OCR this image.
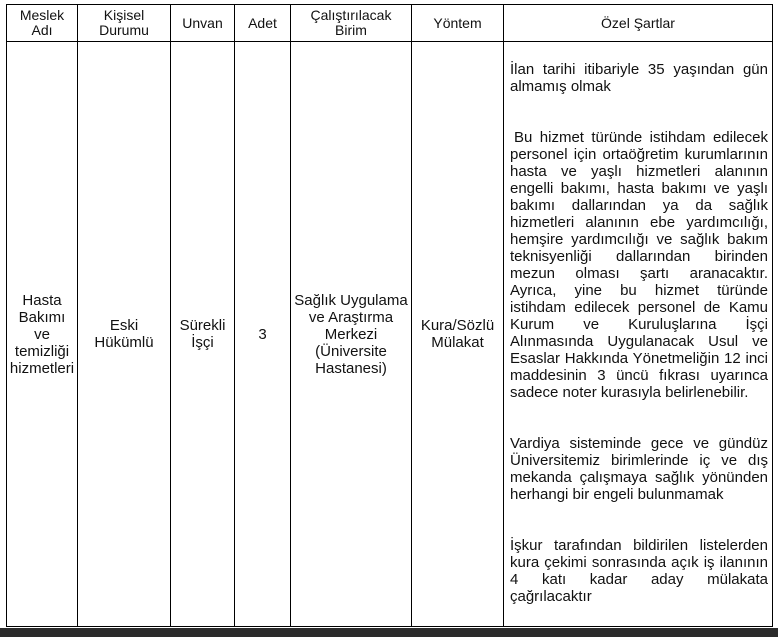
Meslek Adı	Kişisel Durumu	Unvan	Adet	Çalıştırılacak Birim	Yöntem	Özel Şartlar

Hasta Bakımı ve temizliği hizmetleri	Eski Hükümlü	Sürekli İşçi	3	Sağlık Uygulama ve Araştırma Merkezi (Üniversite Hastanesi)	Kura/Sözlü Mülakat	İlan tarihi itibariyle 35 yaşından gün almamış olmak

Bu hizmet türünde istihdam edilecek personel için ortaöğretim kurumlarının hasta ve yaşlı hizmetleri alanının engelli bakımı, hasta bakımı ve yaşlı bakımı dallarından ya da sağlık hizmetleri alanının ebe yardımcılığı, hemşire yardımcılığı ve sağlık bakım teknisyenliği dallarından birinden mezun olması şartı aranacaktır. Ayrıca, yine bu hizmet türünde istihdam edilecek personel de Kamu Kurum ve Kuruluşlarına İşçi Alınmasında Uygulanacak Usul ve Esaslar Hakkında Yönetmeliğin 12 inci maddesinin 3 üncü fıkrası uyarınca sadece noter kurasıyla belirlenebilir.

Vardiya sisteminde gece ve gündüz Üniversitemiz birimlerinde iç ve dış mekanda çalışmaya sağlık yönünden herhangi bir engeli bulunmamak

İşkur tarafından bildirilen listelerden kura çekimi sonrasında açık iş ilanının 4 katı kadar aday mülakata çağrılacaktır
